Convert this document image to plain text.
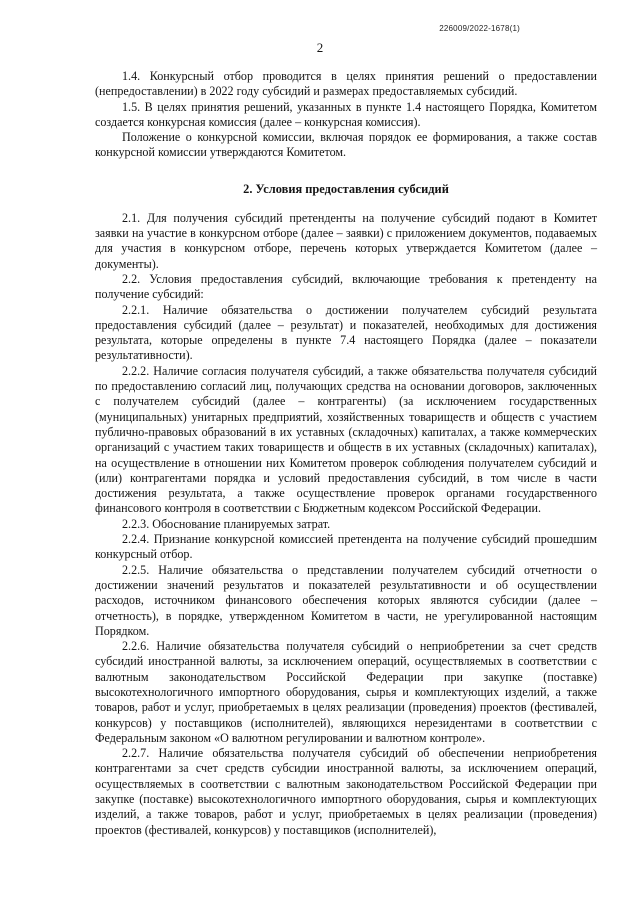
226009/2022-1678(1)
2

1.4. Конкурсный отбор проводится в целях принятия решений о предоставлении (непредоставлении) в 2022 году субсидий и размерах предоставляемых субсидий.

1.5. В целях принятия решений, указанных в пункте 1.4 настоящего Порядка, Комитетом создается конкурсная комиссия (далее – конкурсная комиссия).

Положение о конкурсной комиссии, включая порядок ее формирования, а также состав конкурсной комиссии утверждаются Комитетом.

2. Условия предоставления субсидий

2.1. Для получения субсидий претенденты на получение субсидий подают в Комитет заявки на участие в конкурсном отборе (далее – заявки) с приложением документов, подаваемых для участия в конкурсном отборе, перечень которых утверждается Комитетом (далее – документы).

2.2. Условия предоставления субсидий, включающие требования к претенденту на получение субсидий:

2.2.1. Наличие обязательства о достижении получателем субсидий результата предоставления субсидий (далее – результат) и показателей, необходимых для достижения результата, которые определены в пункте 7.4 настоящего Порядка (далее – показатели результативности).

2.2.2. Наличие согласия получателя субсидий, а также обязательства получателя субсидий по предоставлению согласий лиц, получающих средства на основании договоров, заключенных с получателем субсидий (далее – контрагенты) (за исключением государственных (муниципальных) унитарных предприятий, хозяйственных товариществ и обществ с участием публично-правовых образований в их уставных (складочных) капиталах, а также коммерческих организаций с участием таких товариществ и обществ в их уставных (складочных) капиталах), на осуществление в отношении них Комитетом проверок соблюдения получателем субсидий и (или) контрагентами порядка и условий предоставления субсидий, в том числе в части достижения результата, а также осуществление проверок органами государственного финансового контроля в соответствии с Бюджетным кодексом Российской Федерации.

2.2.3. Обоснование планируемых затрат.

2.2.4. Признание конкурсной комиссией претендента на получение субсидий прошедшим конкурсный отбор.

2.2.5. Наличие обязательства о представлении получателем субсидий отчетности о достижении значений результатов и показателей результативности и об осуществлении расходов, источником финансового обеспечения которых являются субсидии (далее – отчетность), в порядке, утвержденном Комитетом в части, не урегулированной настоящим Порядком.

2.2.6. Наличие обязательства получателя субсидий о неприобретении за счет средств субсидий иностранной валюты, за исключением операций, осуществляемых в соответствии с валютным законодательством Российской Федерации при закупке (поставке) высокотехнологичного импортного оборудования, сырья и комплектующих изделий, а также товаров, работ и услуг, приобретаемых в целях реализации (проведения) проектов (фестивалей, конкурсов) у поставщиков (исполнителей), являющихся нерезидентами в соответствии с Федеральным законом «О валютном регулировании и валютном контроле».

2.2.7. Наличие обязательства получателя субсидий об обеспечении неприобретения контрагентами за счет средств субсидии иностранной валюты, за исключением операций, осуществляемых в соответствии с валютным законодательством Российской Федерации при закупке (поставке) высокотехнологичного импортного оборудования, сырья и комплектующих изделий, а также товаров, работ и услуг, приобретаемых в целях реализации (проведения) проектов (фестивалей, конкурсов) у поставщиков (исполнителей),
